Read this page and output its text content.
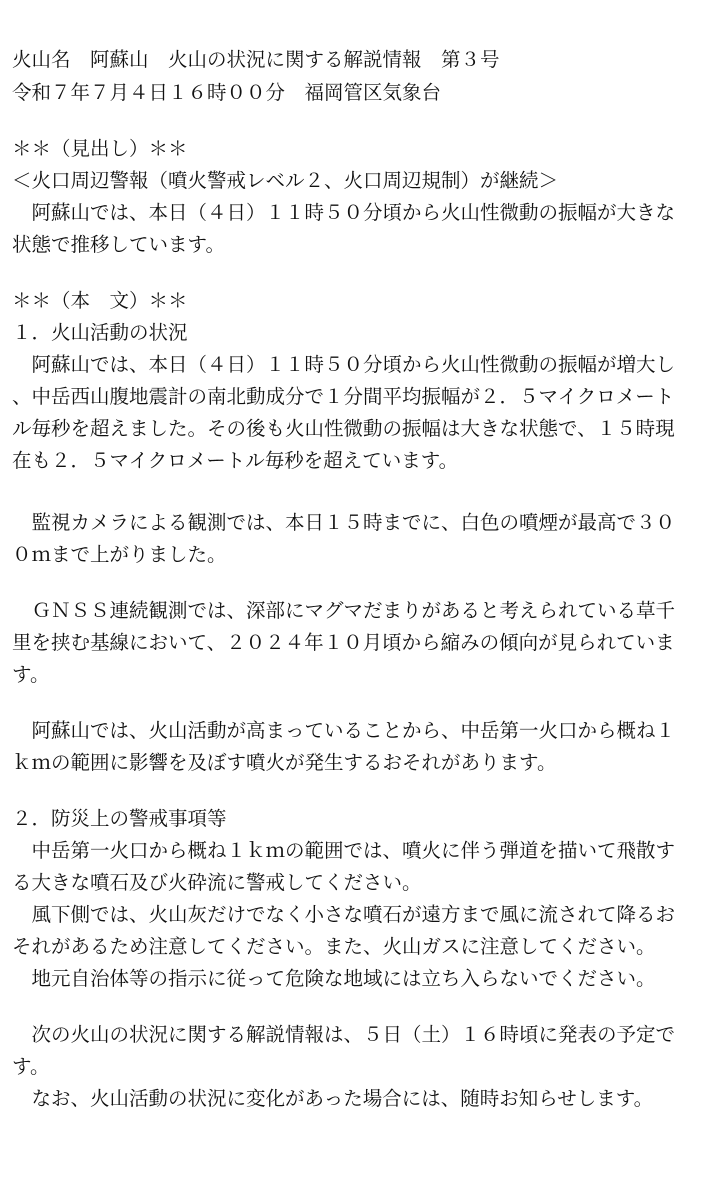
火山名　阿蘇山　火山の状況に関する解説情報　第３号
令和７年７月４日１６時００分　福岡管区気象台
＊＊（見出し）＊＊
＜火口周辺警報（噴火警戒レベル２、火口周辺規制）が継続＞
　阿蘇山では、本日（４日）１１時５０分頃から火山性微動の振幅が大きな
状態で推移しています。
＊＊（本　文）＊＊
１．火山活動の状況
　阿蘇山では、本日（４日）１１時５０分頃から火山性微動の振幅が増大し
、中岳西山腹地震計の南北動成分で１分間平均振幅が２．５マイクロメート
ル毎秒を超えました。その後も火山性微動の振幅は大きな状態で、１５時現
在も２．５マイクロメートル毎秒を超えています。
　監視カメラによる観測では、本日１５時までに、白色の噴煙が最高で３０
０ｍまで上がりました。
　ＧＮＳＳ連続観測では、深部にマグマだまりがあると考えられている草千
里を挟む基線において、２０２４年１０月頃から縮みの傾向が見られていま
す。
　阿蘇山では、火山活動が高まっていることから、中岳第一火口から概ね１
ｋｍの範囲に影響を及ぼす噴火が発生するおそれがあります。
２．防災上の警戒事項等
　中岳第一火口から概ね１ｋｍの範囲では、噴火に伴う弾道を描いて飛散す
る大きな噴石及び火砕流に警戒してください。
　風下側では、火山灰だけでなく小さな噴石が遠方まで風に流されて降るお
それがあるため注意してください。また、火山ガスに注意してください。
　地元自治体等の指示に従って危険な地域には立ち入らないでください。
　次の火山の状況に関する解説情報は、５日（土）１６時頃に発表の予定で
す。
　なお、火山活動の状況に変化があった場合には、随時お知らせします。
